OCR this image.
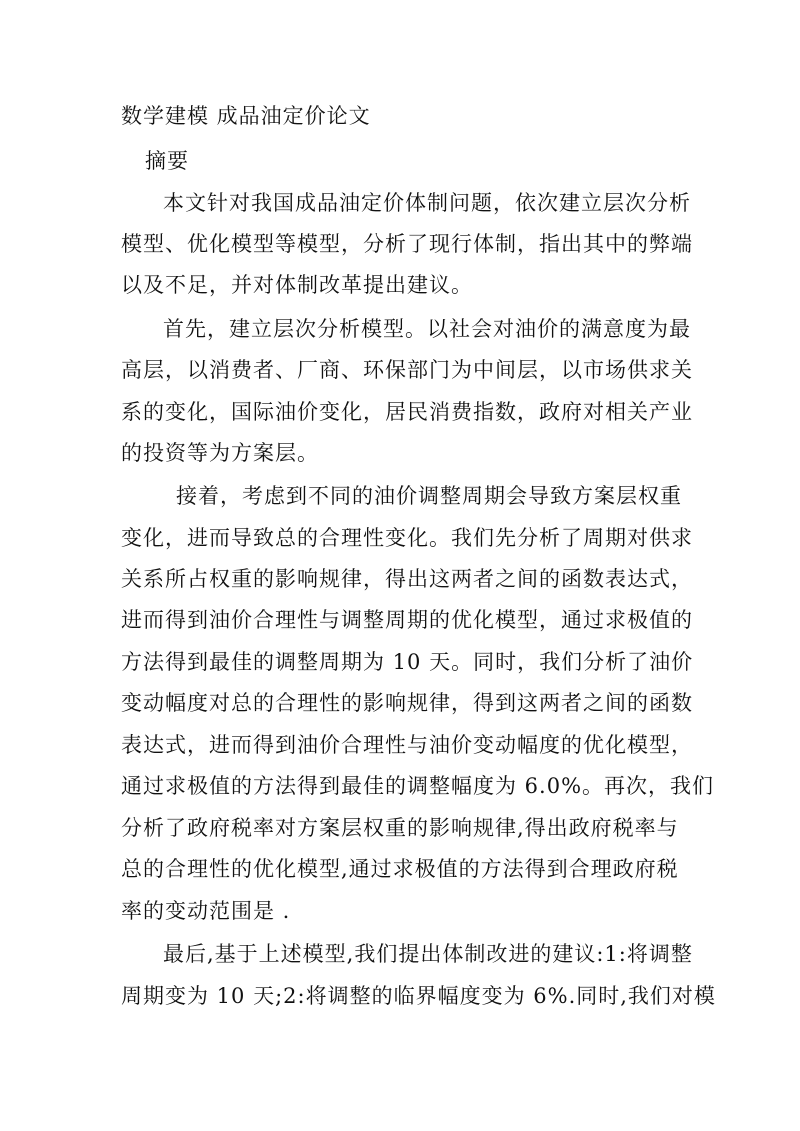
数学建模 成品油定价论文
摘要
本文针对我国成品油定价体制问题，依次建立层次分析
模型、优化模型等模型，分析了现行体制，指出其中的弊端
以及不足，并对体制改革提出建议。
首先，建立层次分析模型。以社会对油价的满意度为最
高层，以消费者、厂商、环保部门为中间层，以市场供求关
系的变化，国际油价变化，居民消费指数，政府对相关产业
的投资等为方案层。
接着，考虑到不同的油价调整周期会导致方案层权重
变化，进而导致总的合理性变化。我们先分析了周期对供求
关系所占权重的影响规律，得出这两者之间的函数表达式，
进而得到油价合理性与调整周期的优化模型，通过求极值的
方法得到最佳的调整周期为 10 天。同时，我们分析了油价
变动幅度对总的合理性的影响规律，得到这两者之间的函数
表达式，进而得到油价合理性与油价变动幅度的优化模型，
通过求极值的方法得到最佳的调整幅度为 6.0%。再次，我们
分析了政府税率对方案层权重的影响规律,得出政府税率与
总的合理性的优化模型,通过求极值的方法得到合理政府税
率的变动范围是 .
最后,基于上述模型,我们提出体制改进的建议:1:将调整
周期变为 10 天;2:将调整的临界幅度变为 6%.同时,我们对模
